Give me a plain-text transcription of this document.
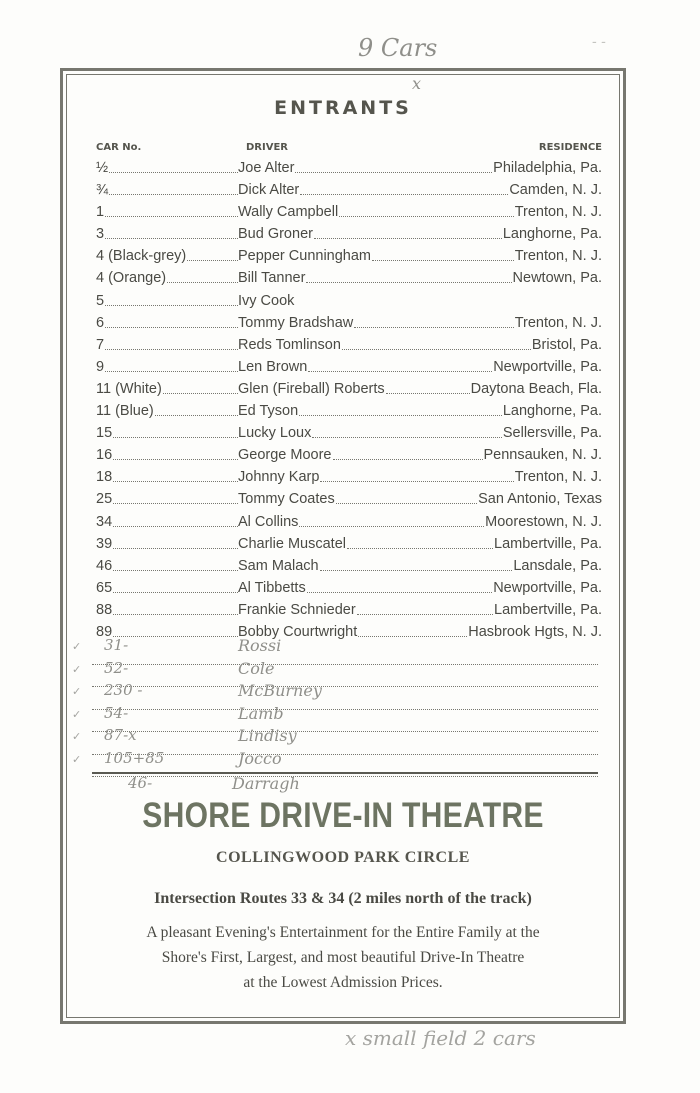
9 Cars
x
- -
ENTRANTS
CAR No.	DRIVER	RESIDENCE
½	Joe Alter	Philadelphia, Pa.
¾	Dick Alter	Camden, N. J.
1	Wally Campbell	Trenton, N. J.
3	Bud Groner	Langhorne, Pa.
4 (Black-grey)	Pepper Cunningham	Trenton, N. J.
4 (Orange)	Bill Tanner	Newtown, Pa.
5	Ivy Cook
6	Tommy Bradshaw	Trenton, N. J.
7	Reds Tomlinson	Bristol, Pa.
9	Len Brown	Newportville, Pa.
11 (White)	Glen (Fireball) Roberts	Daytona Beach, Fla.
11 (Blue)	Ed Tyson	Langhorne, Pa.
15	Lucky Loux	Sellersville, Pa.
16	George Moore	Pennsauken, N. J.
18	Johnny Karp	Trenton, N. J.
25	Tommy Coates	San Antonio, Texas
34	Al Collins	Moorestown, N. J.
39	Charlie Muscatel	Lambertville, Pa.
46	Sam Malach	Lansdale, Pa.
65	Al Tibbetts	Newportville, Pa.
88	Frankie Schnieder	Lambertville, Pa.
89	Bobby Courtwright	Hasbrook Hgts, N. J.
✓ 31-	Rossi
✓ 52-	Cole
✓ 230 -	McBurney
✓ 54-	Lamb
✓ 87-x	Lindisy
✓ 105+85	Jocco
46-	Darragh
SHORE DRIVE-IN THEATRE
COLLINGWOOD PARK CIRCLE
Intersection Routes 33 & 34 (2 miles north of the track)
A pleasant Evening's Entertainment for the Entire Family at the
Shore's First, Largest, and most beautiful Drive-In Theatre
at the Lowest Admission Prices.
x small field 2 cars
